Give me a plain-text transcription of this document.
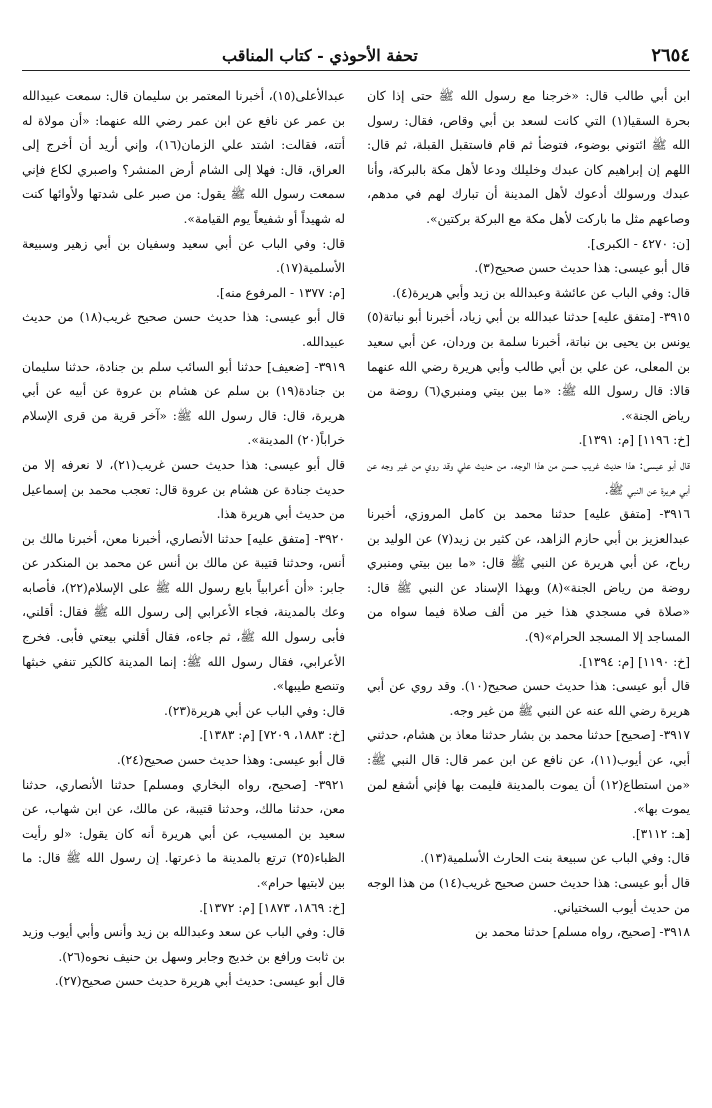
٢٦٥٤
تحفة الأحوذي - كتاب المناقب

ابن أبي طالب قال: «خرجنا مع رسول الله ﷺ حتى إذا كان بحرة السقيا(١) التي كانت لسعد بن أبي وقاص، فقال: رسول الله ﷺ ائتوني بوضوء، فتوضأ ثم قام فاستقبل القبلة، ثم قال: اللهم إن إبراهيم كان عبدك وخليلك ودعا لأهل مكة بالبركة، وأنا عبدك ورسولك أدعوك لأهل المدينة أن تبارك لهم في مدهم، وصاعهم مثل ما باركت لأهل مكة مع البركة بركتين».

[ن: ٤٢٧٠ - الكبرى].

قال أبو عيسى: هذا حديث حسن صحيح(٣).

قال: وفي الباب عن عائشة وعبدالله بن زيد وأبي هريرة(٤).

٣٩١٥- [متفق عليه] حدثنا عبدالله بن أبي زياد، أخبرنا أبو نباتة(٥) يونس بن يحيى بن نباتة، أخبرنا سلمة بن وردان، عن أبي سعيد بن المعلى، عن علي بن أبي طالب وأبي هريرة رضي الله عنهما قالا: قال رسول الله ﷺ: «ما بين بيتي ومنبري(٦) روضة من رياض الجنة».

[خ: ١١٩٦] [م: ١٣٩١].

قال أبو عيسى: هذا حديث غريب حسن من هذا الوجه. من حديث علي وقد روي من غير وجه عن أبي هريرة عن النبي ﷺ.

٣٩١٦- [متفق عليه] حدثنا محمد بن كامل المروزي، أخبرنا عبدالعزيز بن أبي حازم الزاهد، عن كثير بن زيد(٧) عن الوليد بن رباح، عن أبي هريرة عن النبي ﷺ قال: «ما بين بيتي ومنبري روضة من رياض الجنة»(٨) وبهذا الإسناد عن النبي ﷺ قال: «صلاة في مسجدي هذا خير من ألف صلاة فيما سواه من المساجد إلا المسجد الحرام»(٩).

[خ: ١١٩٠] [م: ١٣٩٤].

قال أبو عيسى: هذا حديث حسن صحيح(١٠). وقد روي عن أبي هريرة رضي الله عنه عن النبي ﷺ من غير وجه.

٣٩١٧- [صحيح] حدثنا محمد بن بشار حدثنا معاذ بن هشام، حدثني أبي، عن أيوب(١١)، عن نافع عن ابن عمر قال: قال النبي ﷺ: «من استطاع(١٢) أن يموت بالمدينة فليمت بها فإني أشفع لمن يموت بها».

[هـ: ٣١١٢].

قال: وفي الباب عن سبيعة بنت الحارث الأسلمية(١٣).

قال أبو عيسى: هذا حديث حسن صحيح غريب(١٤) من هذا الوجه من حديث أيوب السختياني.

٣٩١٨- [صحيح، رواه مسلم] حدثنا محمد بن

عبدالأعلى(١٥)، أخبرنا المعتمر بن سليمان قال: سمعت عبيدالله بن عمر عن نافع عن ابن عمر رضي الله عنهما: «أن مولاة له أتته، فقالت: اشتد علي الزمان(١٦)، وإني أريد أن أخرج إلى العراق، قال: فهلا إلى الشام أرض المنشر؟ واصبري لكاع فإني سمعت رسول الله ﷺ يقول: من صبر على شدتها ولأوائها كنت له شهيداً أو شفيعاً يوم القيامة».

قال: وفي الباب عن أبي سعيد وسفيان بن أبي زهير وسبيعة الأسلمية(١٧).

[م: ١٣٧٧ - المرفوع منه].

قال أبو عيسى: هذا حديث حسن صحيح غريب(١٨) من حديث عبيدالله.

٣٩١٩- [ضعيف] حدثنا أبو السائب سلم بن جنادة، حدثنا سليمان بن جنادة(١٩) بن سلم عن هشام بن عروة عن أبيه عن أبي هريرة، قال: قال رسول الله ﷺ: «آخر قرية من قرى الإسلام خراباً(٢٠) المدينة».

قال أبو عيسى: هذا حديث حسن غريب(٢١)، لا نعرفه إلا من حديث جنادة عن هشام بن عروة قال: تعجب محمد بن إسماعيل من حديث أبي هريرة هذا.

٣٩٢٠- [متفق عليه] حدثنا الأنصاري، أخبرنا معن، أخبرنا مالك بن أنس، وحدثنا قتيبة عن مالك بن أنس عن محمد بن المنكدر عن جابر: «أن أعرابياً بايع رسول الله ﷺ على الإسلام(٢٢)، فأصابه وعك بالمدينة، فجاء الأعرابي إلى رسول الله ﷺ فقال: أقلني، فأبى رسول الله ﷺ، ثم جاءه، فقال أقلني بيعتي فأبى. فخرج الأعرابي، فقال رسول الله ﷺ: إنما المدينة كالكير تنفي خبثها وتنصع طيبها».

قال: وفي الباب عن أبي هريرة(٢٣).

[خ: ١٨٨٣، ٧٢٠٩] [م: ١٣٨٣].

قال أبو عيسى: وهذا حديث حسن صحيح(٢٤).

٣٩٢١- [صحيح، رواه البخاري ومسلم] حدثنا الأنصاري، حدثنا معن، حدثنا مالك، وحدثنا قتيبة، عن مالك، عن ابن شهاب، عن سعيد بن المسيب، عن أبي هريرة أنه كان يقول: «لو رأيت الظباء(٢٥) ترتع بالمدينة ما ذعرتها. إن رسول الله ﷺ قال: ما بين لابتيها حرام».

[خ: ١٨٦٩، ١٨٧٣] [م: ١٣٧٢].

قال: وفي الباب عن سعد وعبدالله بن زيد وأنس وأبي أيوب وزيد بن ثابت ورافع بن خديج وجابر وسهل بن حنيف نحوه(٢٦).

قال أبو عيسى: حديث أبي هريرة حديث حسن صحيح(٢٧).
